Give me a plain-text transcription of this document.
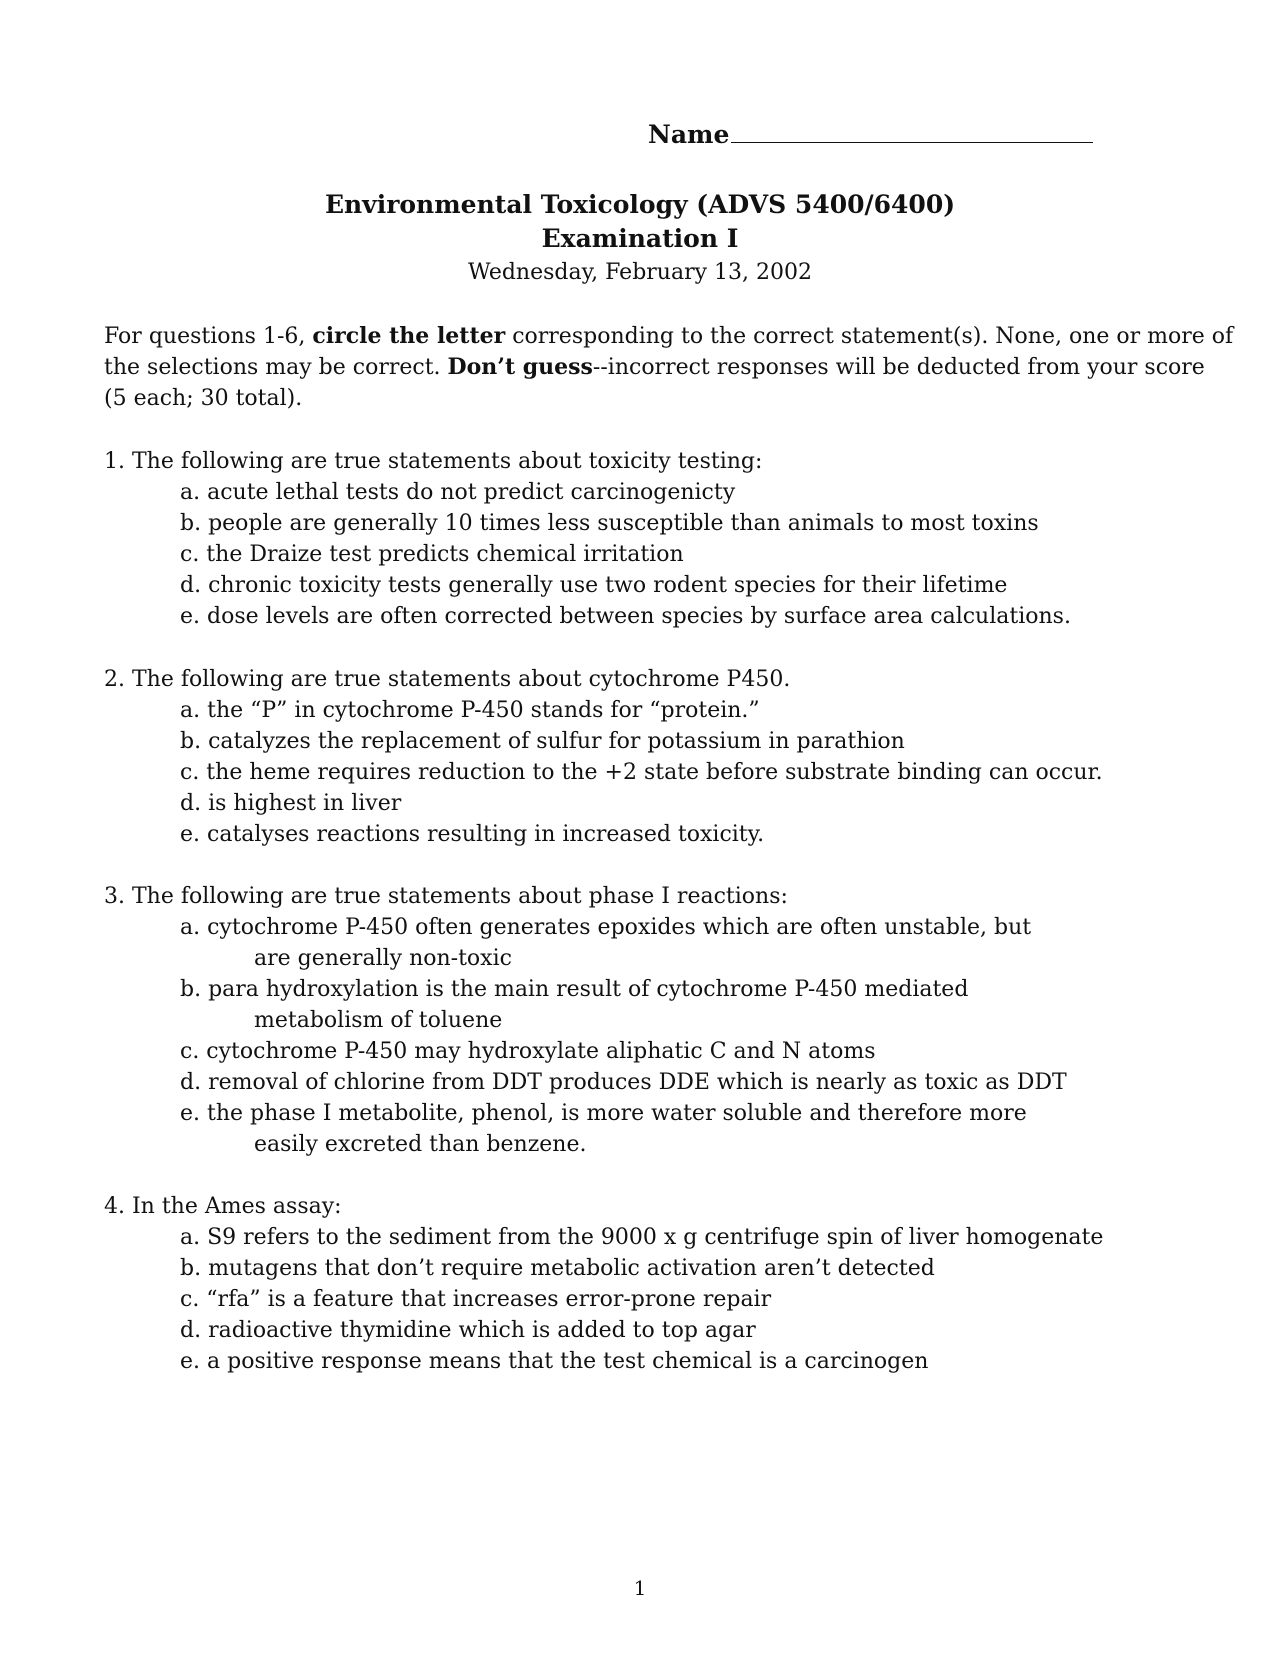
Name
Environmental Toxicology (ADVS 5400/6400)
Examination I
Wednesday, February 13, 2002

For questions 1-6, circle the letter corresponding to the correct statement(s). None, one or more of

the selections may be correct. Don’t guess--incorrect responses will be deducted from your score

(5 each; 30 total).

1. The following are true statements about toxicity testing:

a. acute lethal tests do not predict carcinogenicty

b. people are generally 10 times less susceptible than animals to most toxins

c. the Draize test predicts chemical irritation

d. chronic toxicity tests generally use two rodent species for their lifetime

e. dose levels are often corrected between species by surface area calculations.

2. The following are true statements about cytochrome P450.

a. the “P” in cytochrome P-450 stands for “protein.”

b. catalyzes the replacement of sulfur for potassium in parathion

c. the heme requires reduction to the +2 state before substrate binding can occur.

d. is highest in liver

e. catalyses reactions resulting in increased toxicity.

3. The following are true statements about phase I reactions:

a. cytochrome P-450 often generates epoxides which are often unstable, but

are generally non-toxic

b. para hydroxylation is the main result of cytochrome P-450 mediated

metabolism of toluene

c. cytochrome P-450 may hydroxylate aliphatic C and N atoms

d. removal of chlorine from DDT produces DDE which is nearly as toxic as DDT

e. the phase I metabolite, phenol, is more water soluble and therefore more

easily excreted than benzene.

4. In the Ames assay:

a. S9 refers to the sediment from the 9000 x g centrifuge spin of liver homogenate

b. mutagens that don’t require metabolic activation aren’t detected

c. “rfa” is a feature that increases error-prone repair

d. radioactive thymidine which is added to top agar

e. a positive response means that the test chemical is a carcinogen

1
